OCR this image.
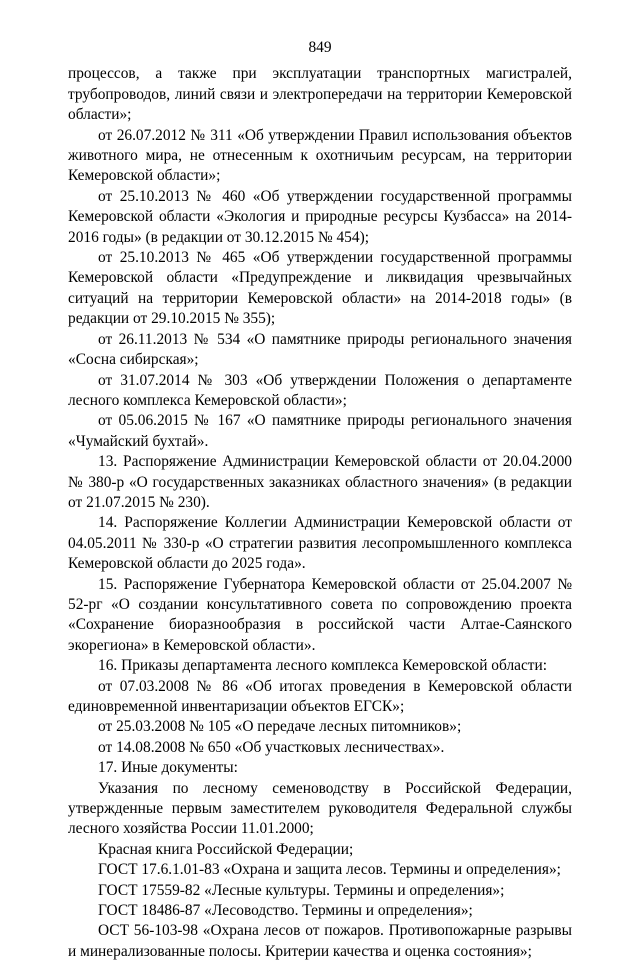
849

процессов, а также при эксплуатации транспортных магистралей, трубопроводов, линий связи и электропередачи на территории Кемеровской области»;

от 26.07.2012 № 311 «Об утверждении Правил использования объектов животного мира, не отнесенным к охотничьим ресурсам, на территории Кемеровской области»;

от 25.10.2013 № 460 «Об утверждении государственной программы Кемеровской области «Экология и природные ресурсы Кузбасса» на 2014-2016 годы» (в редакции от 30.12.2015 № 454);

от 25.10.2013 № 465 «Об утверждении государственной программы Кемеровской области «Предупреждение и ликвидация чрезвычайных ситуаций на территории Кемеровской области» на 2014-2018 годы» (в редакции от 29.10.2015 № 355);

от 26.11.2013 № 534 «О памятнике природы регионального значения «Сосна сибирская»;

от 31.07.2014 № 303 «Об утверждении Положения о департаменте лесного комплекса Кемеровской области»;

от 05.06.2015 № 167 «О памятнике природы регионального значения «Чумайский бухтай».

13. Распоряжение Администрации Кемеровской области от 20.04.2000 № 380-р «О государственных заказниках областного значения» (в редакции от 21.07.2015 № 230).

14. Распоряжение Коллегии Администрации Кемеровской области от 04.05.2011 № 330-р «О стратегии развития лесопромышленного комплекса Кемеровской области до 2025 года».

15. Распоряжение Губернатора Кемеровской области от 25.04.2007 № 52-рг «О создании консультативного совета по сопровождению проекта «Сохранение биоразнообразия в российской части Алтае-Саянского экорегиона» в Кемеровской области».

16. Приказы департамента лесного комплекса Кемеровской области:

от 07.03.2008 № 86 «Об итогах проведения в Кемеровской области единовременной инвентаризации объектов ЕГСК»;

от 25.03.2008 № 105 «О передаче лесных питомников»;

от 14.08.2008 № 650 «Об участковых лесничествах».

17. Иные документы:

Указания по лесному семеноводству в Российской Федерации, утвержденные первым заместителем руководителя Федеральной службы лесного хозяйства России 11.01.2000;

Красная книга Российской Федерации;

ГОСТ 17.6.1.01-83 «Охрана и защита лесов. Термины и определения»;

ГОСТ 17559-82 «Лесные культуры. Термины и определения»;

ГОСТ 18486-87 «Лесоводство. Термины и определения»;

ОСТ 56-103-98 «Охрана лесов от пожаров. Противопожарные разрывы и минерализованные полосы. Критерии качества и оценка состояния»;
